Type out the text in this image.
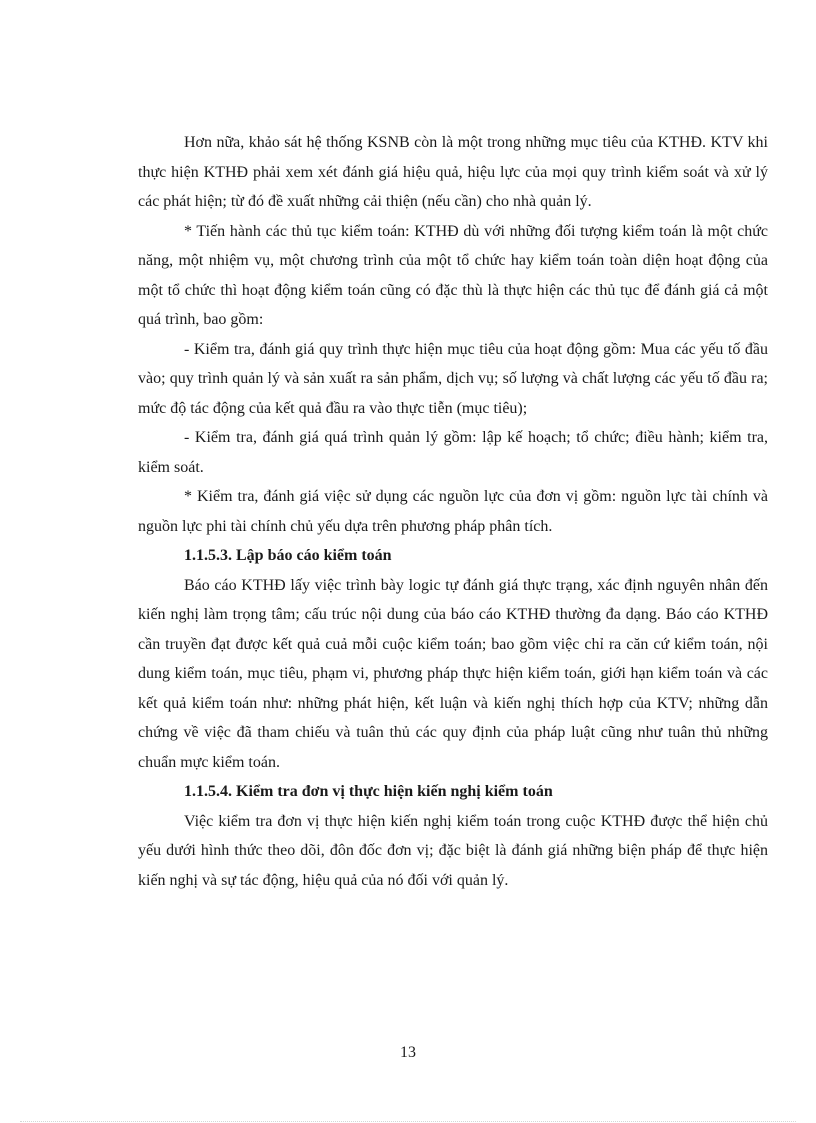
Hơn nữa, khảo sát hệ thống KSNB còn là một trong những mục tiêu của KTHĐ. KTV khi thực hiện KTHĐ phải xem xét đánh giá hiệu quả, hiệu lực của mọi quy trình kiểm soát và xử lý các phát hiện; từ đó đề xuất những cải thiện (nếu cần) cho nhà quản lý.

* Tiến hành các thủ tục kiểm toán: KTHĐ dù với những đối tượng kiểm toán là một chức năng, một nhiệm vụ, một chương trình của một tổ chức hay kiểm toán toàn diện hoạt động của một tổ chức thì hoạt động kiểm toán cũng có đặc thù là thực hiện các thủ tục để đánh giá cả một quá trình, bao gồm:

- Kiểm tra, đánh giá quy trình thực hiện mục tiêu của hoạt động gồm: Mua các yếu tố đầu vào; quy trình quản lý và sản xuất ra sản phẩm, dịch vụ; số lượng và chất lượng các yếu tố đầu ra; mức độ tác động của kết quả đầu ra vào thực tiễn (mục tiêu);

- Kiểm tra, đánh giá quá trình quản lý gồm: lập kế hoạch; tổ chức; điều hành; kiểm tra, kiểm soát.

* Kiểm tra, đánh giá việc sử dụng các nguồn lực của đơn vị gồm: nguồn lực tài chính và nguồn lực phi tài chính chủ yếu dựa trên phương pháp phân tích.

1.1.5.3. Lập báo cáo kiểm toán

Báo cáo KTHĐ lấy việc trình bày logic tự đánh giá thực trạng, xác định nguyên nhân đến kiến nghị làm trọng tâm; cấu trúc nội dung của báo cáo KTHĐ thường đa dạng. Báo cáo KTHĐ cần truyền đạt được kết quả cuả mỗi cuộc kiểm toán; bao gồm việc chỉ ra căn cứ kiểm toán, nội dung kiểm toán, mục tiêu, phạm vi, phương pháp thực hiện kiểm toán, giới hạn kiểm toán và các kết quả kiểm toán như: những phát hiện, kết luận và kiến nghị thích hợp của KTV; những dẫn chứng về việc đã tham chiếu và tuân thủ các quy định của pháp luật cũng như tuân thủ những chuẩn mực kiểm toán.

1.1.5.4. Kiểm tra đơn vị thực hiện kiến nghị kiểm toán

Việc kiểm tra đơn vị thực hiện kiến nghị kiểm toán trong cuộc KTHĐ được thể hiện chủ yếu dưới hình thức theo dõi, đôn đốc đơn vị; đặc biệt là đánh giá những biện pháp để thực hiện kiến nghị và sự tác động, hiệu quả của nó đối với quản lý.

13
